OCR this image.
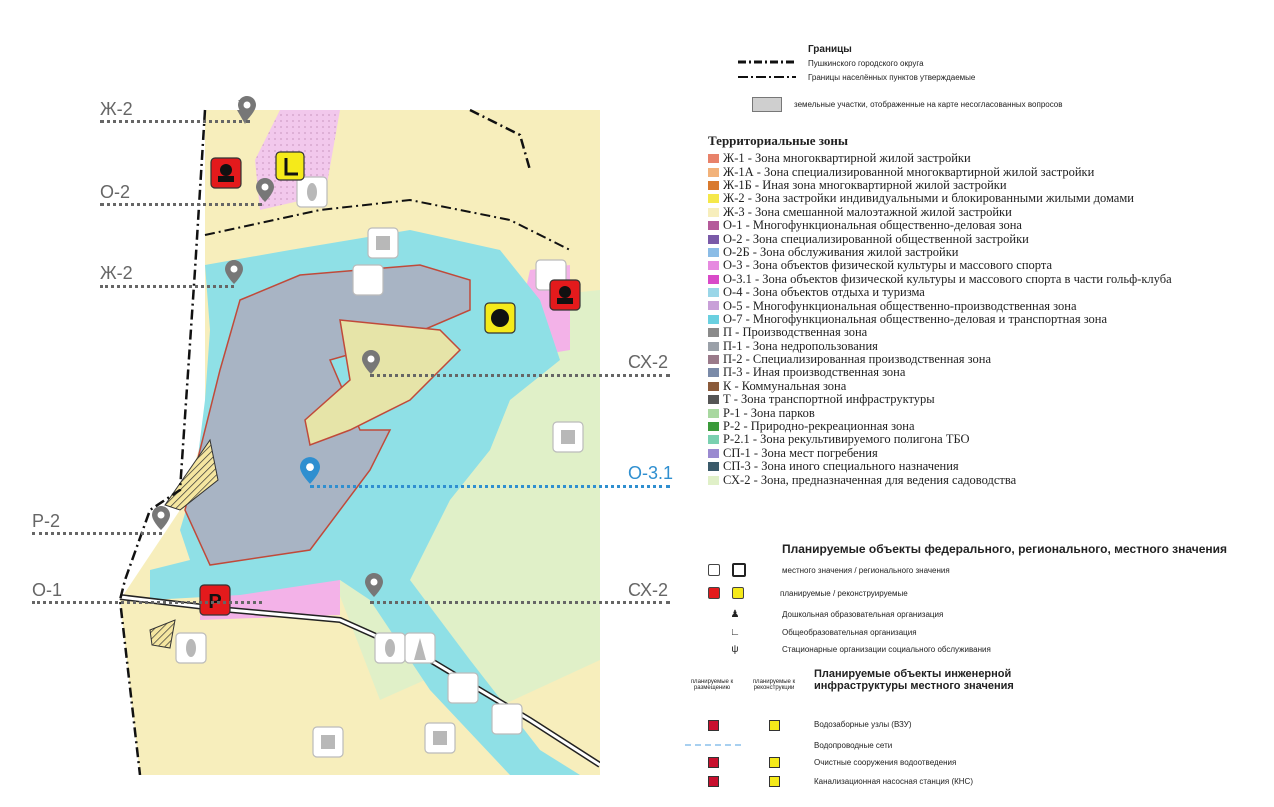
P
Ж-2
О-2
Ж-2
Р-2
О-1
СХ-2
О-3.1
СХ-2
Границы
Пушкинского городского округа
Границы населённых пунктов утверждаемые
земельные участки, отображенные на карте несогласованных вопросов
Территориальные зоны
Ж-1 - Зона многоквартирной жилой застройки
Ж-1А - Зона специализированной многоквартирной жилой застройки
Ж-1Б - Иная зона многоквартирной жилой застройки
Ж-2 - Зона застройки индивидуальными и блокированными жилыми домами
Ж-3 - Зона смешанной малоэтажной жилой застройки
О-1 - Многофункциональная общественно-деловая зона
О-2 - Зона специализированной общественной застройки
О-2Б - Зона обслуживания жилой застройки
О-3 - Зона объектов физической культуры и массового спорта
О-3.1 - Зона объектов физической культуры и массового спорта в части гольф-клуба
О-4 - Зона объектов отдыха и туризма
О-5 - Многофункциональная общественно-производственная зона
О-7 - Многофункциональная общественно-деловая и транспортная зона
П - Производственная зона
П-1 - Зона недропользования
П-2 - Специализированная производственная зона
П-3 - Иная производственная зона
К - Коммунальная зона
Т - Зона транспортной инфраструктуры
Р-1 - Зона парков
Р-2 - Природно-рекреационная зона
Р-2.1 - Зона рекультивируемого полигона ТБО
СП-1 - Зона мест погребения
СП-3 - Зона иного специального назначения
СХ-2 - Зона, предназначенная для ведения садоводства
Планируемые объекты федерального, регионального, местного значения
местного значения / регионального значения
планируемые / реконструируемые
♟	Дошкольная образовательная организация
∟	Общеобразовательная организация
ψ	Стационарные организации социального обслуживания
Планируемые объекты инженерной инфраструктуры местного значения
планируемые к размещению
планируемые к реконструкции
Водозаборные узлы (ВЗУ)
Водопроводные сети
Очистные сооружения водоотведения
Канализационная насосная станция (КНС)
